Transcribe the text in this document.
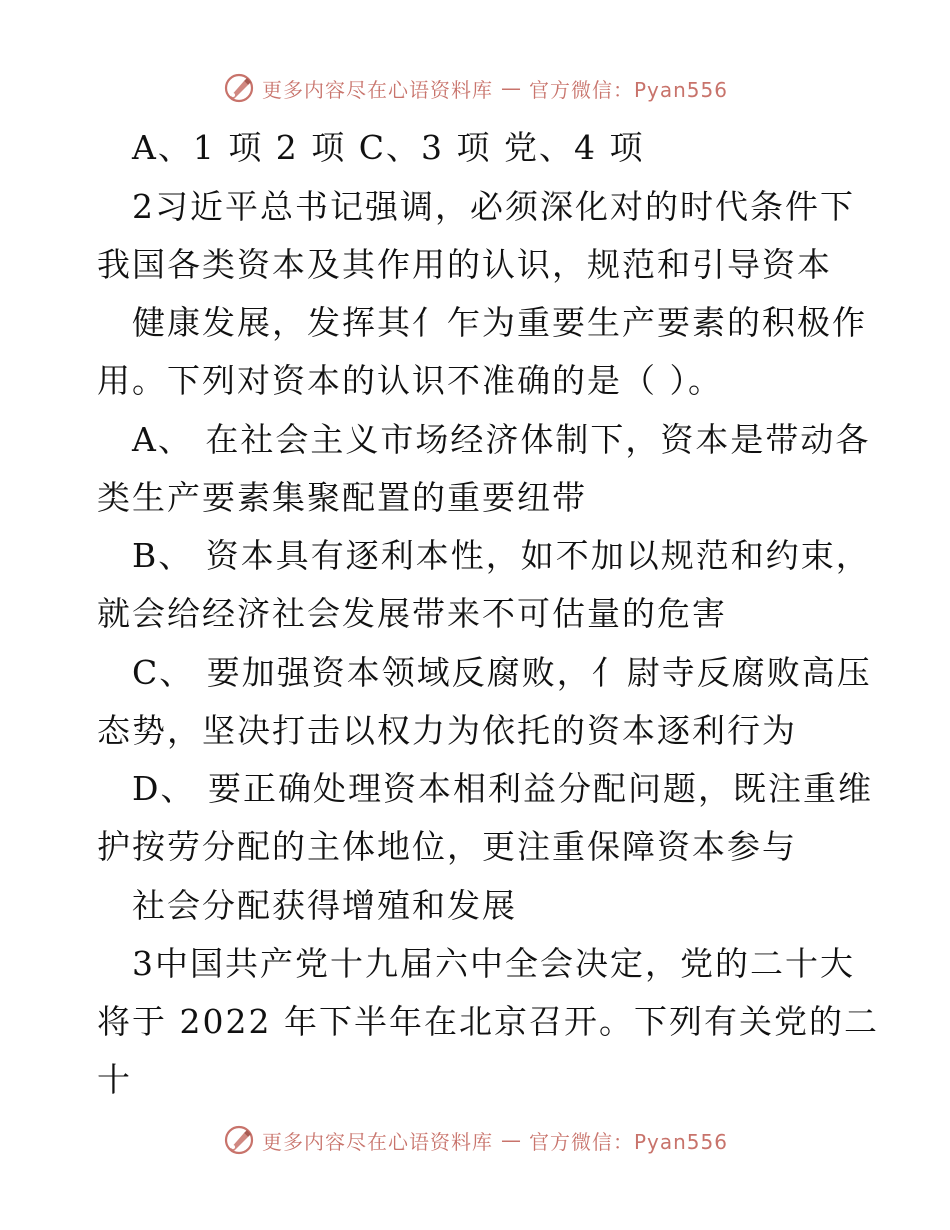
更多内容尽在心语资料库 — 官方微信：Pyan556
A、1 项 2 项 C、3 项 党、4 项
2习近平总书记强调，必须深化对的时代条件下
我国各类资本及其作用的认识，规范和引导资本
健康发展，发挥其亻乍为重要生产要素的积极作
用。下列对资本的认识不准确的是（ ）。
A、 在社会主义市场经济体制下，资本是带动各
类生产要素集聚配置的重要纽带
B、 资本具有逐利本性，如不加以规范和约束，
就会给经济社会发展带来不可估量的危害
C、 要加强资本领域反腐败，亻尉寺反腐败高压
态势，坚决打击以权力为依托的资本逐利行为
D、 要正确处理资本相利益分配问题，既注重维
护按劳分配的主体地位，更注重保障资本参与
社会分配获得增殖和发展
3中国共产党十九届六中全会决定，党的二十大
将于 2022 年下半年在北京召开。下列有关党的二
十
更多内容尽在心语资料库 — 官方微信：Pyan556
